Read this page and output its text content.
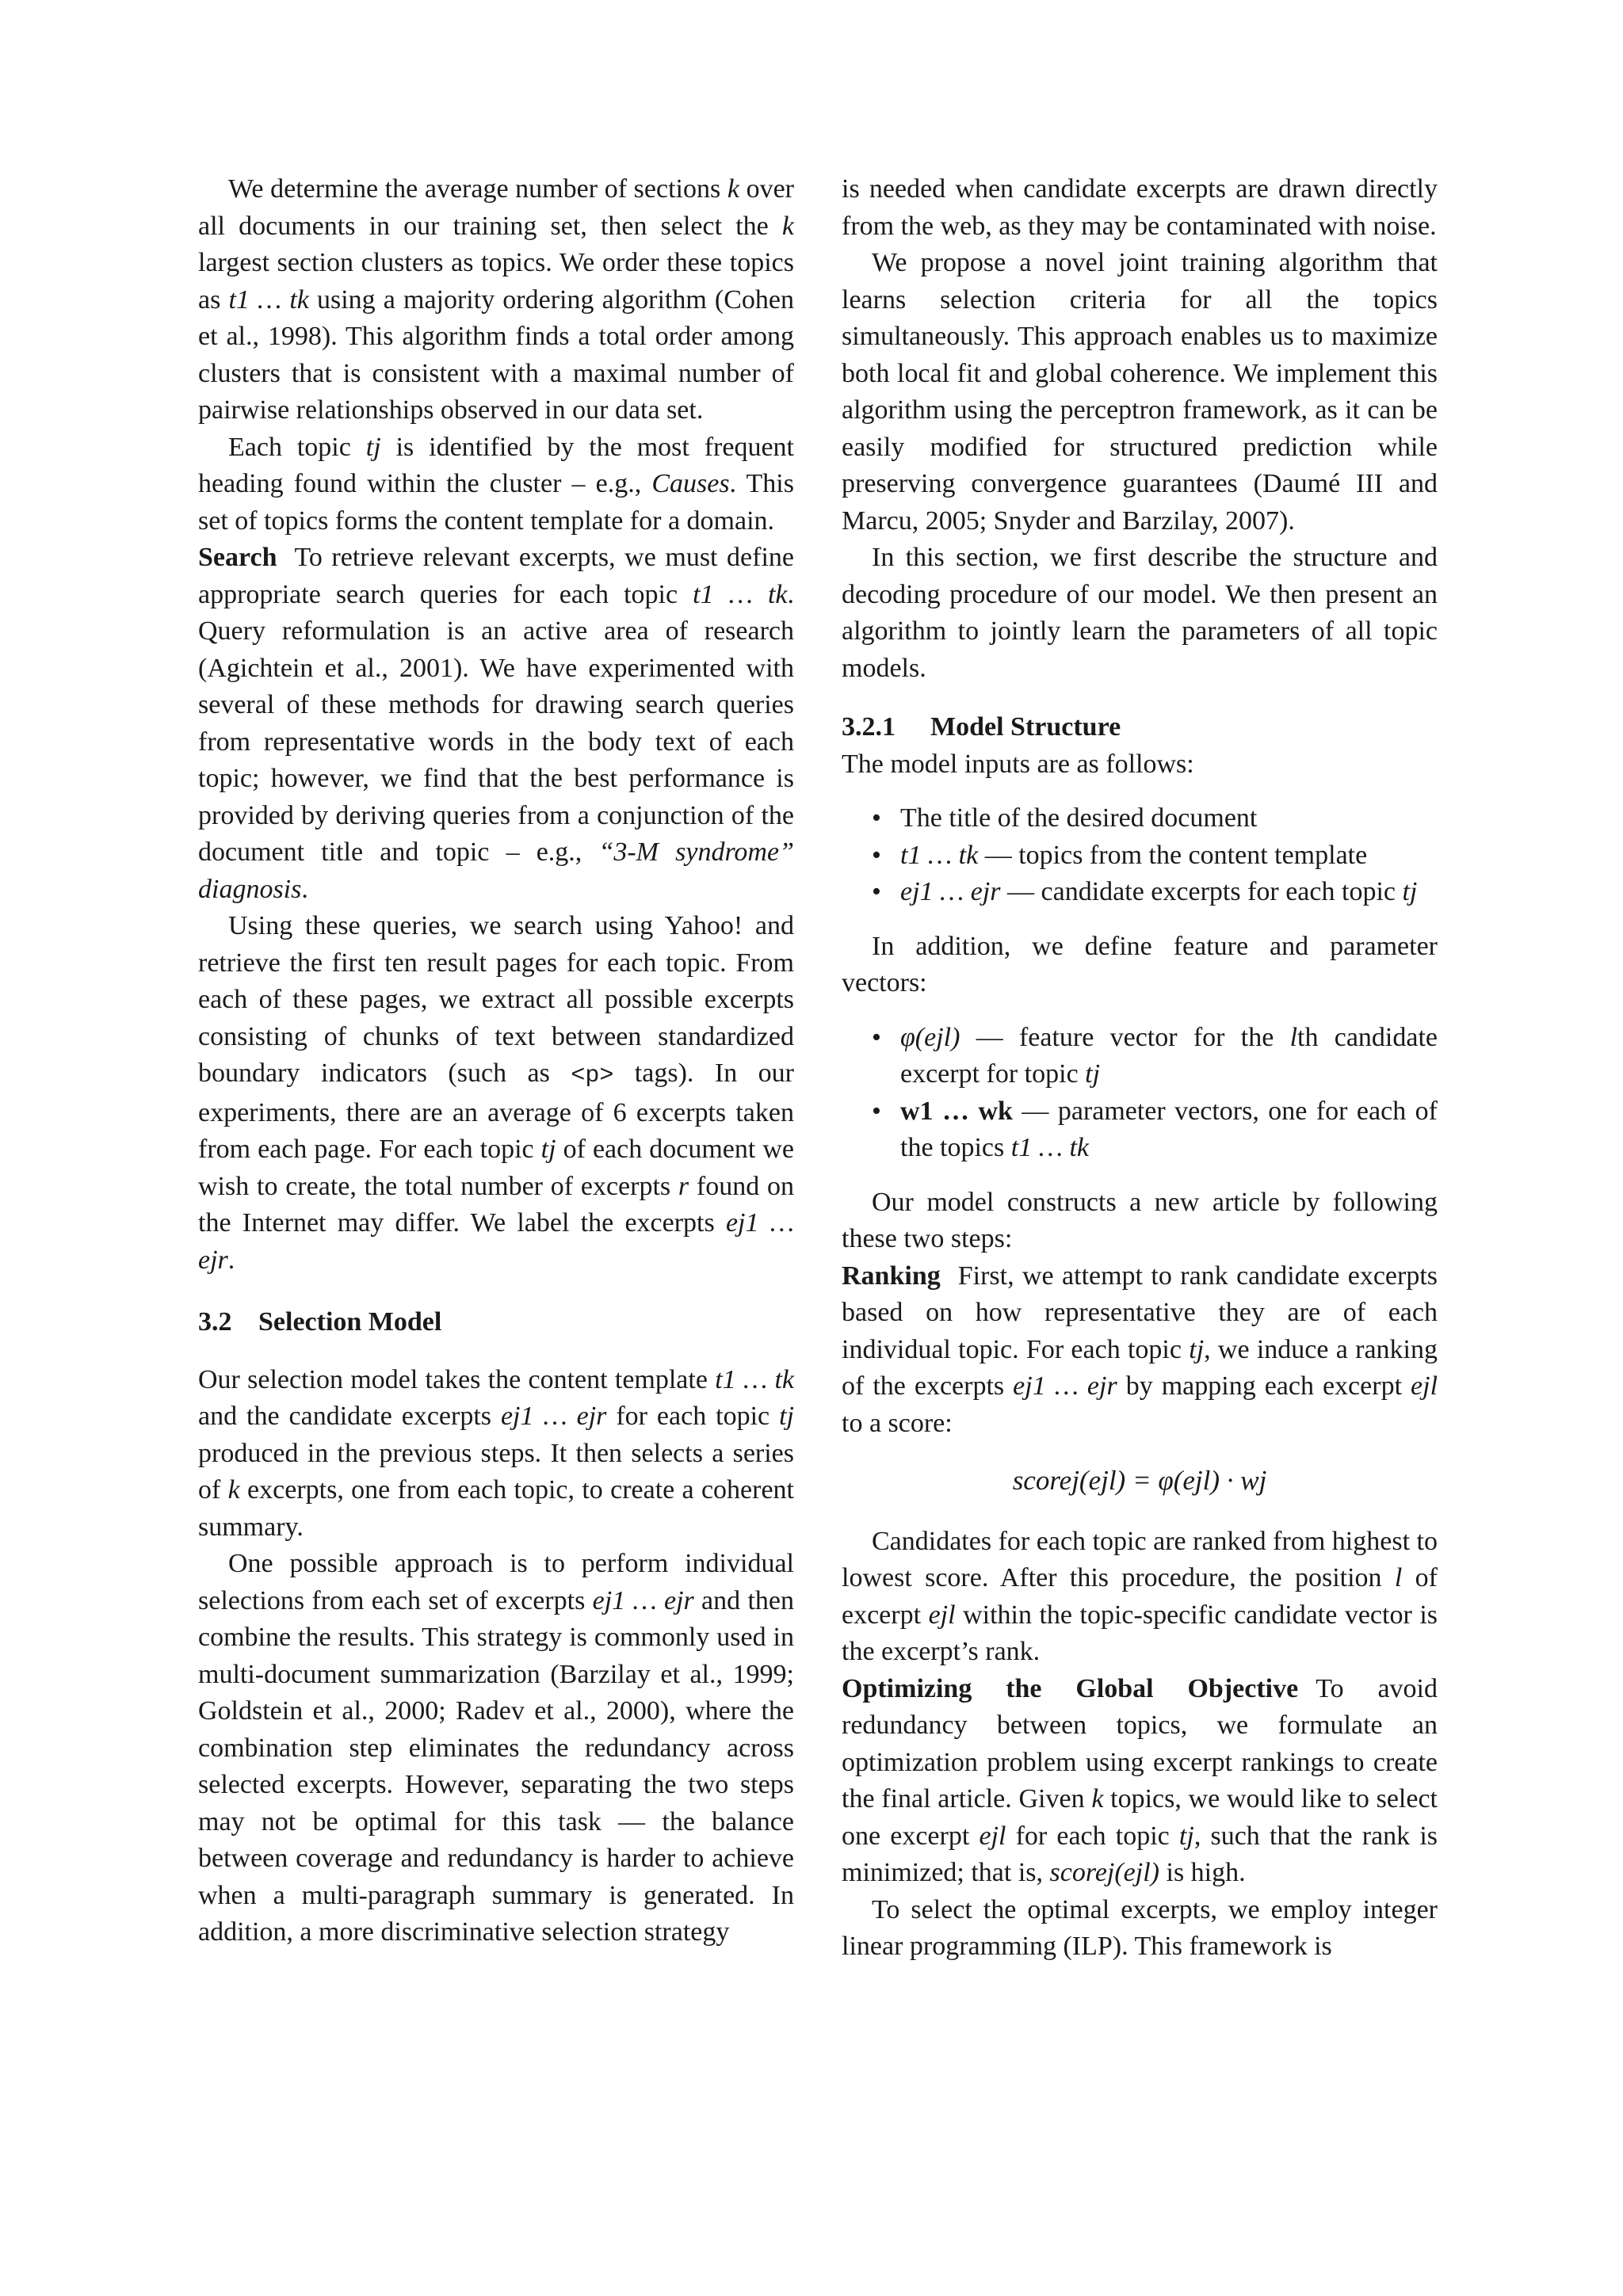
We determine the average number of sections k over all documents in our training set, then select the k largest section clusters as topics. We order these topics as t1 … tk using a majority ordering algorithm (Cohen et al., 1998). This algorithm finds a total order among clusters that is consistent with a maximal number of pairwise relationships observed in our data set.

Each topic tj is identified by the most frequent heading found within the cluster – e.g., Causes. This set of topics forms the content template for a domain.

Search To retrieve relevant excerpts, we must define appropriate search queries for each topic t1 … tk. Query reformulation is an active area of research (Agichtein et al., 2001). We have experimented with several of these methods for drawing search queries from representative words in the body text of each topic; however, we find that the best performance is provided by deriving queries from a conjunction of the document title and topic – e.g., “3-M syndrome” diagnosis.

Using these queries, we search using Yahoo! and retrieve the first ten result pages for each topic. From each of these pages, we extract all possible excerpts consisting of chunks of text between standardized boundary indicators (such as <p> tags). In our experiments, there are an average of 6 excerpts taken from each page. For each topic tj of each document we wish to create, the total number of excerpts r found on the Internet may differ. We label the excerpts ej1 … ejr.

3.2 Selection Model

Our selection model takes the content template t1 … tk and the candidate excerpts ej1 … ejr for each topic tj produced in the previous steps. It then selects a series of k excerpts, one from each topic, to create a coherent summary.

One possible approach is to perform individual selections from each set of excerpts ej1 … ejr and then combine the results. This strategy is commonly used in multi-document summarization (Barzilay et al., 1999; Goldstein et al., 2000; Radev et al., 2000), where the combination step eliminates the redundancy across selected excerpts. However, separating the two steps may not be optimal for this task — the balance between coverage and redundancy is harder to achieve when a multi-paragraph summary is generated. In addition, a more discriminative selection strategy

is needed when candidate excerpts are drawn directly from the web, as they may be contaminated with noise.

We propose a novel joint training algorithm that learns selection criteria for all the topics simultaneously. This approach enables us to maximize both local fit and global coherence. We implement this algorithm using the perceptron framework, as it can be easily modified for structured prediction while preserving convergence guarantees (Daumé III and Marcu, 2005; Snyder and Barzilay, 2007).

In this section, we first describe the structure and decoding procedure of our model. We then present an algorithm to jointly learn the parameters of all topic models.

3.2.1 Model Structure

The model inputs are as follows:

• The title of the desired document
• t1 … tk — topics from the content template
• ej1 … ejr — candidate excerpts for each topic tj

In addition, we define feature and parameter vectors:

• φ(ejl) — feature vector for the lth candidate excerpt for topic tj
• w1 … wk — parameter vectors, one for each of the topics t1 … tk

Our model constructs a new article by following these two steps:

Ranking First, we attempt to rank candidate excerpts based on how representative they are of each individual topic. For each topic tj, we induce a ranking of the excerpts ej1 … ejr by mapping each excerpt ejl to a score:

scorej(ejl) = φ(ejl) · wj

Candidates for each topic are ranked from highest to lowest score. After this procedure, the position l of excerpt ejl within the topic-specific candidate vector is the excerpt’s rank.

Optimizing the Global Objective To avoid redundancy between topics, we formulate an optimization problem using excerpt rankings to create the final article. Given k topics, we would like to select one excerpt ejl for each topic tj, such that the rank is minimized; that is, scorej(ejl) is high.

To select the optimal excerpts, we employ integer linear programming (ILP). This framework is
